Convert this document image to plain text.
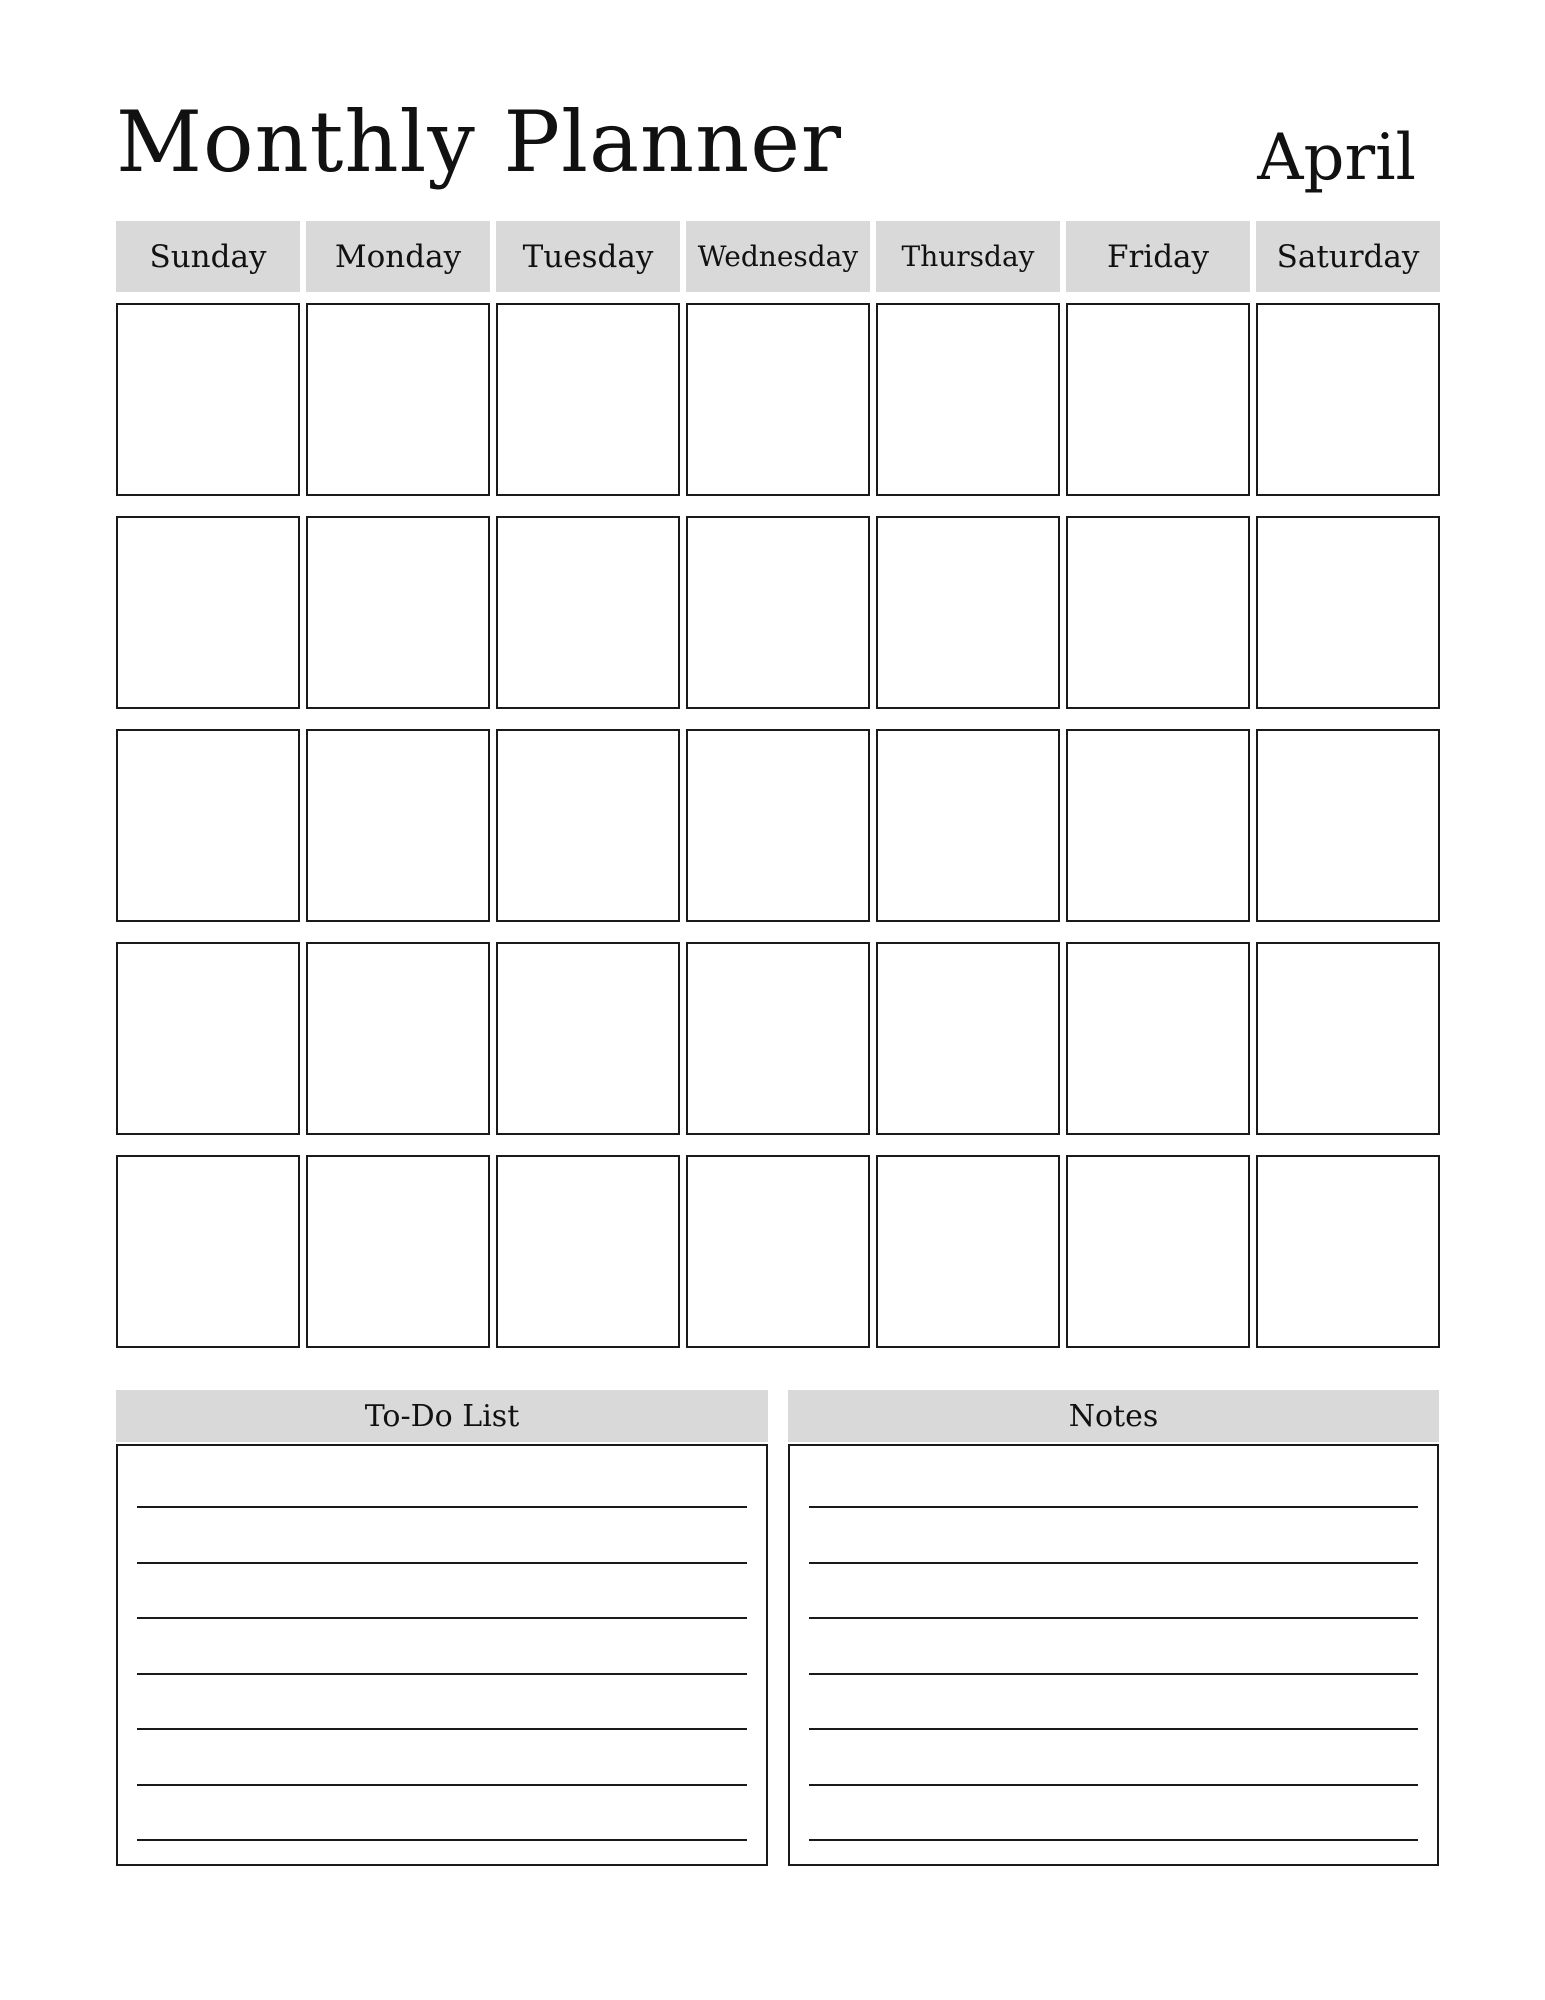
Monthly Planner	April
Sunday	Monday	Tuesday	Wednesday	Thursday	Friday	Saturday
To-Do List	Notes
